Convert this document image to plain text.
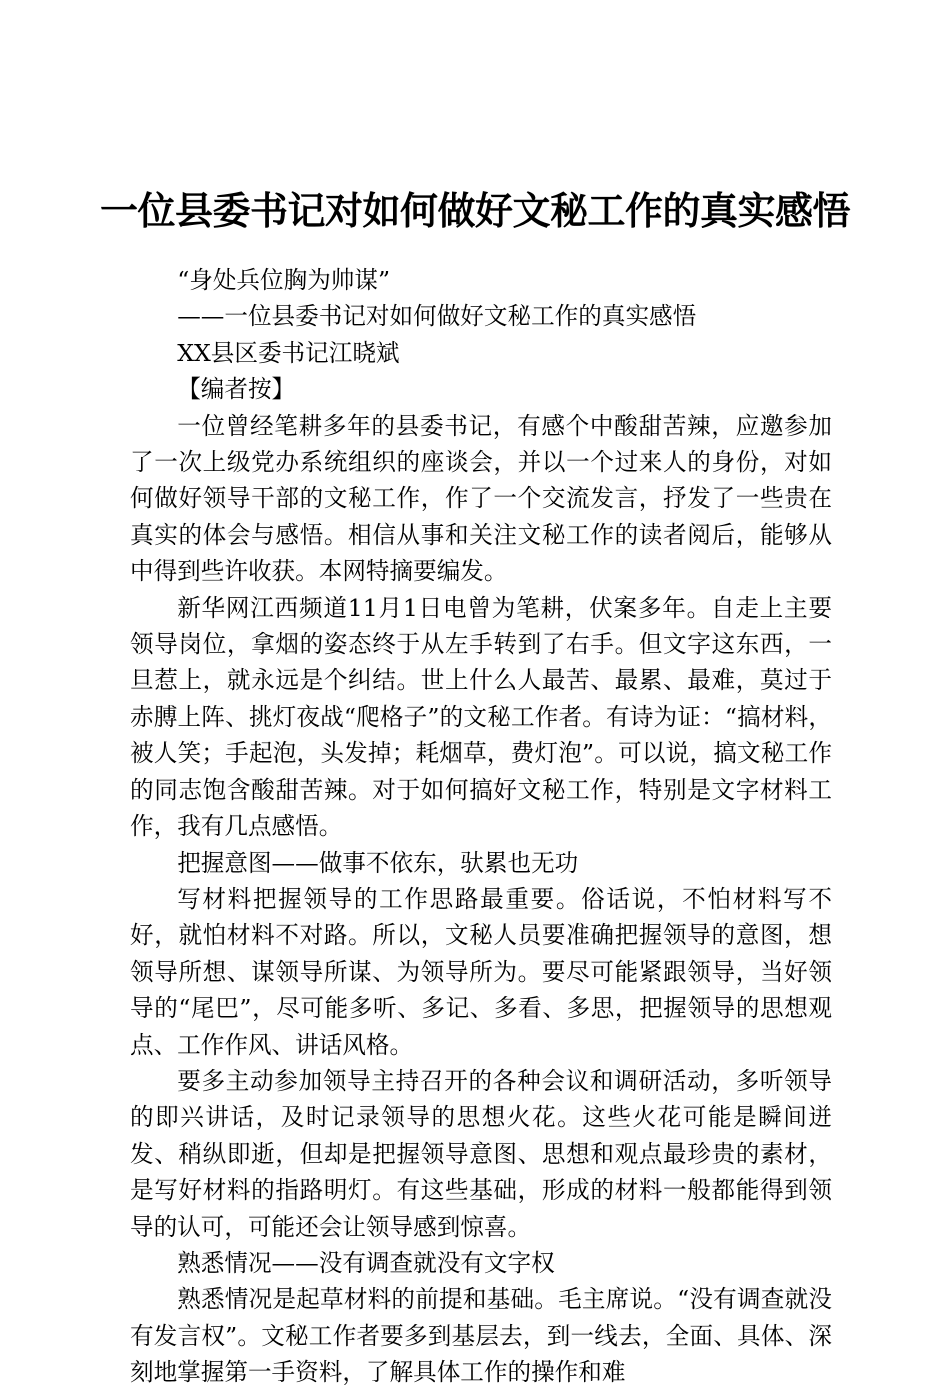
一位县委书记对如何做好文秘工作的真实感悟

“身处兵位胸为帅谋”

——一位县委书记对如何做好文秘工作的真实感悟

XX县区委书记江晓斌

【编者按】

一位曾经笔耕多年的县委书记，有感个中酸甜苦辣，应邀参加了一次上级党办系统组织的座谈会，并以一个过来人的身份，对如何做好领导干部的文秘工作，作了一个交流发言，抒发了一些贵在真实的体会与感悟。相信从事和关注文秘工作的读者阅后，能够从中得到些许收获。本网特摘要编发。

新华网江西频道11月1日电曾为笔耕，伏案多年。自走上主要领导岗位，拿烟的姿态终于从左手转到了右手。但文字这东西，一旦惹上，就永远是个纠结。世上什么人最苦、最累、最难，莫过于赤膊上阵、挑灯夜战“爬格子”的文秘工作者。有诗为证：“搞材料，被人笑；手起泡，头发掉；耗烟草，费灯泡”。可以说，搞文秘工作的同志饱含酸甜苦辣。对于如何搞好文秘工作，特别是文字材料工作，我有几点感悟。

把握意图——做事不依东，驮累也无功

写材料把握领导的工作思路最重要。俗话说，不怕材料写不好，就怕材料不对路。所以，文秘人员要准确把握领导的意图，想领导所想、谋领导所谋、为领导所为。要尽可能紧跟领导，当好领导的“尾巴”，尽可能多听、多记、多看、多思，把握领导的思想观点、工作作风、讲话风格。

要多主动参加领导主持召开的各种会议和调研活动，多听领导的即兴讲话，及时记录领导的思想火花。这些火花可能是瞬间迸发、稍纵即逝，但却是把握领导意图、思想和观点最珍贵的素材，是写好材料的指路明灯。有这些基础，形成的材料一般都能得到领导的认可，可能还会让领导感到惊喜。

熟悉情况——没有调查就没有文字权

熟悉情况是起草材料的前提和基础。毛主席说。“没有调查就没有发言权”。文秘工作者要多到基层去，到一线去，全面、具体、深刻地掌握第一手资料，了解具体工作的操作和难
